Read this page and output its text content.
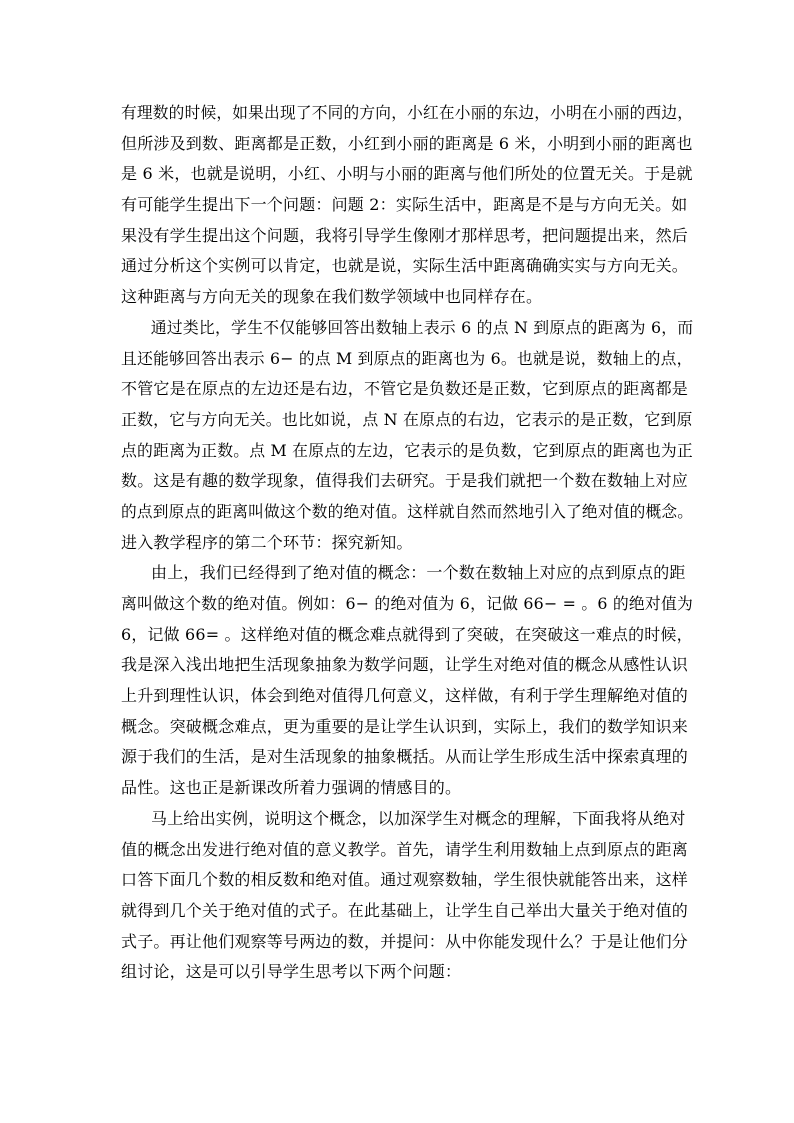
有理数的时候，如果出现了不同的方向，小红在小丽的东边，小明在小丽的西边，
但所涉及到数、距离都是正数，小红到小丽的距离是 6 米，小明到小丽的距离也
是 6 米，也就是说明，小红、小明与小丽的距离与他们所处的位置无关。于是就
有可能学生提出下一个问题：问题 2：实际生活中，距离是不是与方向无关。如
果没有学生提出这个问题，我将引导学生像刚才那样思考，把问题提出来，然后
通过分析这个实例可以肯定，也就是说，实际生活中距离确确实实与方向无关。
这种距离与方向无关的现象在我们数学领域中也同样存在。
通过类比，学生不仅能够回答出数轴上表示 6 的点 N 到原点的距离为 6，而
且还能够回答出表示 6− 的点 M 到原点的距离也为 6。也就是说，数轴上的点，
不管它是在原点的左边还是右边，不管它是负数还是正数，它到原点的距离都是
正数，它与方向无关。也比如说，点 N 在原点的右边，它表示的是正数，它到原
点的距离为正数。点 M 在原点的左边，它表示的是负数，它到原点的距离也为正
数。这是有趣的数学现象，值得我们去研究。于是我们就把一个数在数轴上对应
的点到原点的距离叫做这个数的绝对值。这样就自然而然地引入了绝对值的概念。
进入教学程序的第二个环节：探究新知。
由上，我们已经得到了绝对值的概念：一个数在数轴上对应的点到原点的距
离叫做这个数的绝对值。例如：6− 的绝对值为 6，记做 66− = 。6 的绝对值为
6，记做 66= 。这样绝对值的概念难点就得到了突破，在突破这一难点的时候，
我是深入浅出地把生活现象抽象为数学问题，让学生对绝对值的概念从感性认识
上升到理性认识，体会到绝对值得几何意义，这样做，有利于学生理解绝对值的
概念。突破概念难点，更为重要的是让学生认识到，实际上，我们的数学知识来
源于我们的生活，是对生活现象的抽象概括。从而让学生形成生活中探索真理的
品性。这也正是新课改所着力强调的情感目的。
马上给出实例，说明这个概念，以加深学生对概念的理解，下面我将从绝对
值的概念出发进行绝对值的意义教学。首先，请学生利用数轴上点到原点的距离
口答下面几个数的相反数和绝对值。通过观察数轴，学生很快就能答出来，这样
就得到几个关于绝对值的式子。在此基础上，让学生自己举出大量关于绝对值的
式子。再让他们观察等号两边的数，并提问：从中你能发现什么？于是让他们分
组讨论，这是可以引导学生思考以下两个问题：
